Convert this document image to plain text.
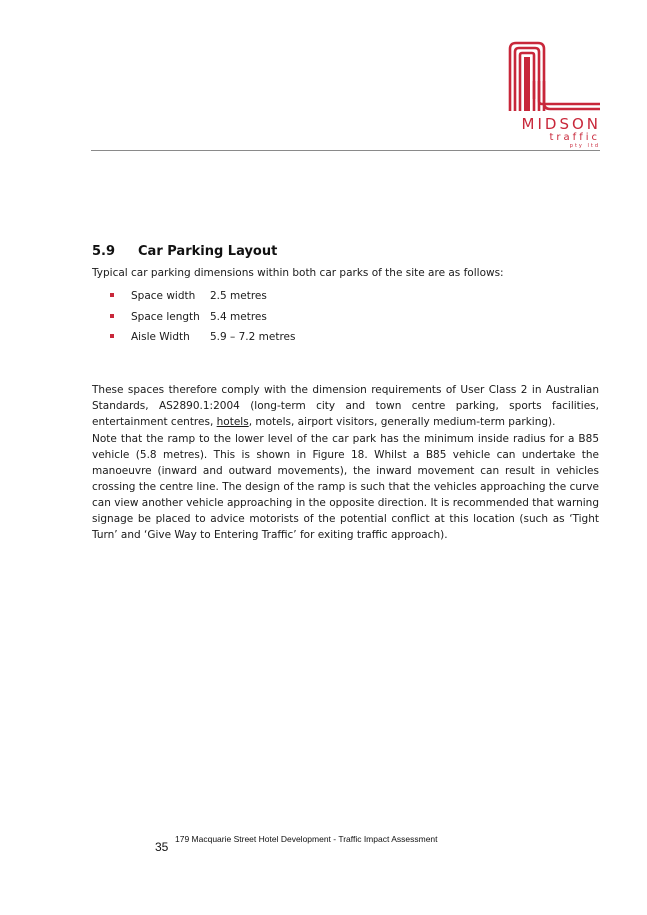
MIDSON
traffic
pty ltd
5.9 Car Parking Layout
Typical car parking dimensions within both car parks of the site are as follows:
Space width 2.5 metres
Space length 5.4 metres
Aisle Width 5.9 – 7.2 metres

These spaces therefore comply with the dimension requirements of User Class 2 in Australian Standards, AS2890.1:2004 (long-term city and town centre parking, sports facilities, entertainment centres, hotels, motels, airport visitors, generally medium-term parking).

Note that the ramp to the lower level of the car park has the minimum inside radius for a B85 vehicle (5.8 metres). This is shown in Figure 18. Whilst a B85 vehicle can undertake the manoeuvre (inward and outward movements), the inward movement can result in vehicles crossing the centre line. The design of the ramp is such that the vehicles approaching the curve can view another vehicle approaching in the opposite direction. It is recommended that warning signage be placed to advice motorists of the potential conflict at this location (such as ‘Tight Turn’ and ‘Give Way to Entering Traffic’ for exiting traffic approach).

35
179 Macquarie Street Hotel Development - Traffic Impact Assessment
